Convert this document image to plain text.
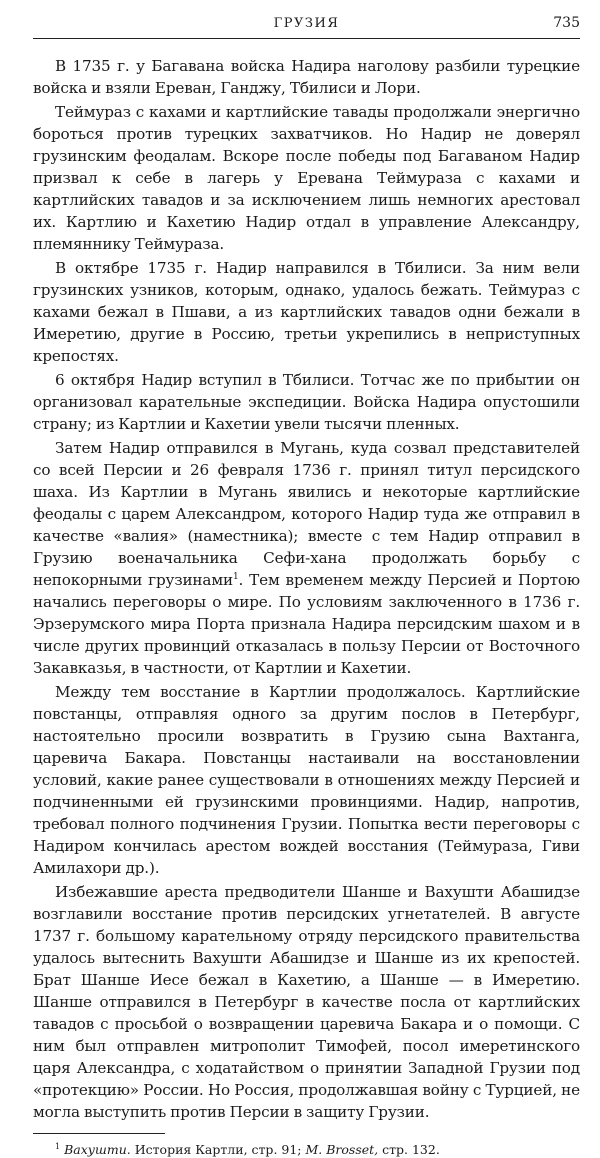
ГРУЗИЯ	735

В 1735 г. у Багавана войска Надира наголову разбили турецкие войска и взяли Ереван, Ганджу, Тбилиси и Лори.

Теймураз с кахами и картлийские тавады продолжали энергично бороться против турецких захватчиков. Но Надир не доверял грузинским феодалам. Вскоре после победы под Багаваном Надир призвал к себе в лагерь у Еревана Теймураза с кахами и картлийских тавадов и за исключением лишь немногих арестовал их. Картлию и Кахетию Надир отдал в управление Александру, племяннику Теймураза.

В октябре 1735 г. Надир направился в Тбилиси. За ним вели грузинских узников, которым, однако, удалось бежать. Теймураз с кахами бежал в Пшави, а из картлийских тавадов одни бежали в Имеретию, другие в Россию, третьи укрепились в неприступных крепостях.

6 октября Надир вступил в Тбилиси. Тотчас же по прибытии он организовал карательные экспедиции. Войска Надира опустошили страну; из Картлии и Кахетии увели тысячи пленных.

Затем Надир отправился в Мугань, куда созвал представителей со всей Персии и 26 февраля 1736 г. принял титул персидского шаха. Из Картлии в Мугань явились и некоторые картлийские феодалы с царем Александром, которого Надир туда же отправил в качестве «валия» (наместника); вместе с тем Надир отправил в Грузию военачальника Сефи-хана продолжать борьбу с непокорными грузинами$^1$. Тем временем между Персией и Портою начались переговоры о мире. По условиям заключенного в 1736 г. Эрзерумского мира Порта признала Надира персидским шахом и в числе других провинций отказалась в пользу Персии от Восточного Закавказья, в частности, от Картлии и Кахетии.

Между тем восстание в Картлии продолжалось. Картлийские повстанцы, отправляя одного за другим послов в Петербург, настоятельно просили возвратить в Грузию сына Вахтанга, царевича Бакара. Повстанцы настаивали на восстановлении условий, какие ранее существовали в отношениях между Персией и подчиненными ей грузинскими провинциями. Надир, напротив, требовал полного подчинения Грузии. Попытка вести переговоры с Надиром кончилась арестом вождей восстания (Теймураза, Гиви Амилахори др.).

Избежавшие ареста предводители Шанше и Вахушти Абашидзе возглавили восстание против персидских угнетателей. В августе 1737 г. большому карательному отряду персидского правительства удалось вытеснить Вахушти Абашидзе и Шанше из их крепостей. Брат Шанше Иесе бежал в Кахетию, а Шанше — в Имеретию. Шанше отправился в Петербург в качестве посла от картлийских тавадов с просьбой о возвращении царевича Бакара и о помощи. С ним был отправлен митрополит Тимофей, посол имеретинского царя Александра, с ходатайством о принятии Западной Грузии под «протекцию» России. Но Россия, продолжавшая войну с Турцией, не могла выступить против Персии в защиту Грузии.

$^1$ Вахушти. История Картли, стр. 91; M. Brosset, стр. 132.
